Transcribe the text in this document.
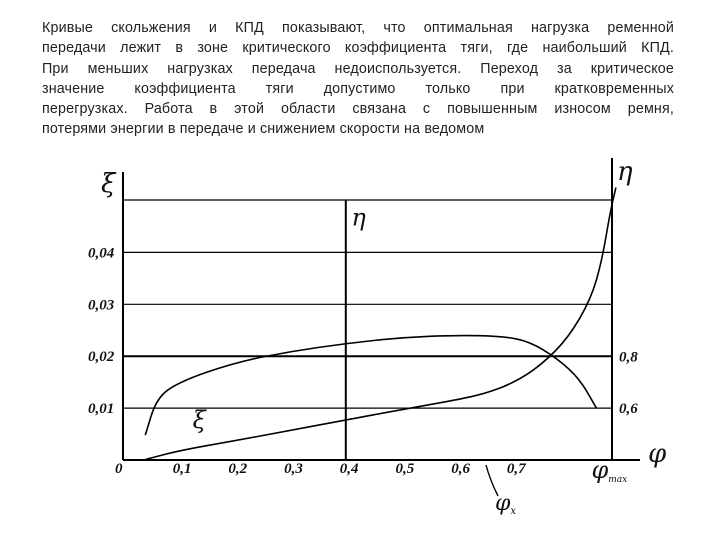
Кривые скольжения и КПД показывают, что оптимальная нагрузка ременной
передачи лежит в зоне критического коэффициента тяги, где наибольший КПД.
При меньших нагрузках передача недоиспользуется. Переход за критическое
значение коэффициента тяги допустимо только при кратковременных
перегрузках. Работа в этой области связана с повышенным износом ремня,
потерями энергии в передаче и снижением скорости на ведомом
0	0,1 0,2 0,3 0,4 0,5 0,6 0,7
0,01
0,02
0,03
0,04
0,6
0,8
ξ	η
φ
φmax
φx
ξ
η
